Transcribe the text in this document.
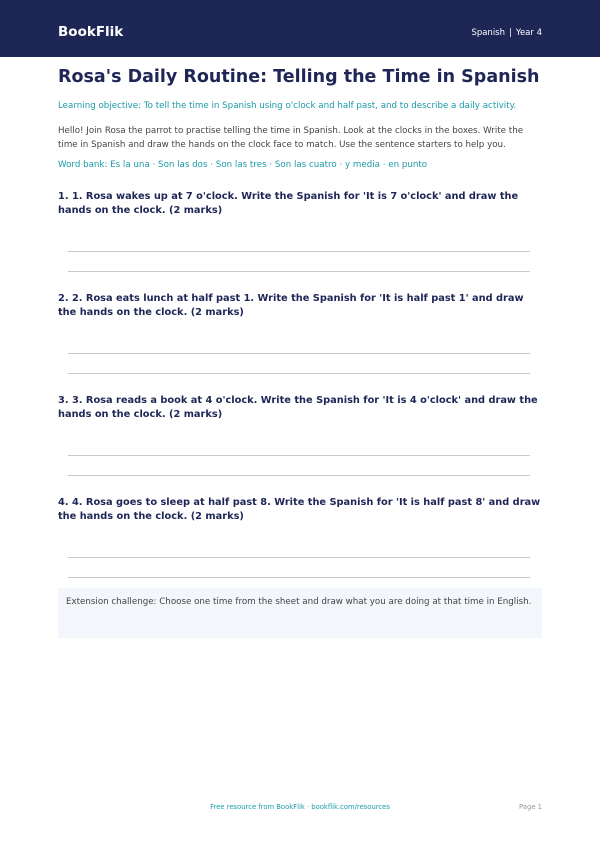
BookFlik	Spanish | Year 4
Rosa's Daily Routine: Telling the Time in Spanish
Learning objective: To tell the time in Spanish using o'clock and half past, and to describe a daily activity.
Hello! Join Rosa the parrot to practise telling the time in Spanish. Look at the clocks in the boxes. Write the time in Spanish and draw the hands on the clock face to match. Use the sentence starters to help you.
Word bank: Es la una · Son las dos · Son las tres · Son las cuatro · y media · en punto

1. 1. Rosa wakes up at 7 o'clock. Write the Spanish for 'It is 7 o'clock' and draw the hands on the clock. (2 marks)

2. 2. Rosa eats lunch at half past 1. Write the Spanish for 'It is half past 1' and draw the hands on the clock. (2 marks)

3. 3. Rosa reads a book at 4 o'clock. Write the Spanish for 'It is 4 o'clock' and draw the hands on the clock. (2 marks)

4. 4. Rosa goes to sleep at half past 8. Write the Spanish for 'It is half past 8' and draw the hands on the clock. (2 marks)

Extension challenge: Choose one time from the sheet and draw what you are doing at that time in English.
Free resource from BookFlik · bookflik.com/resources	Page 1
